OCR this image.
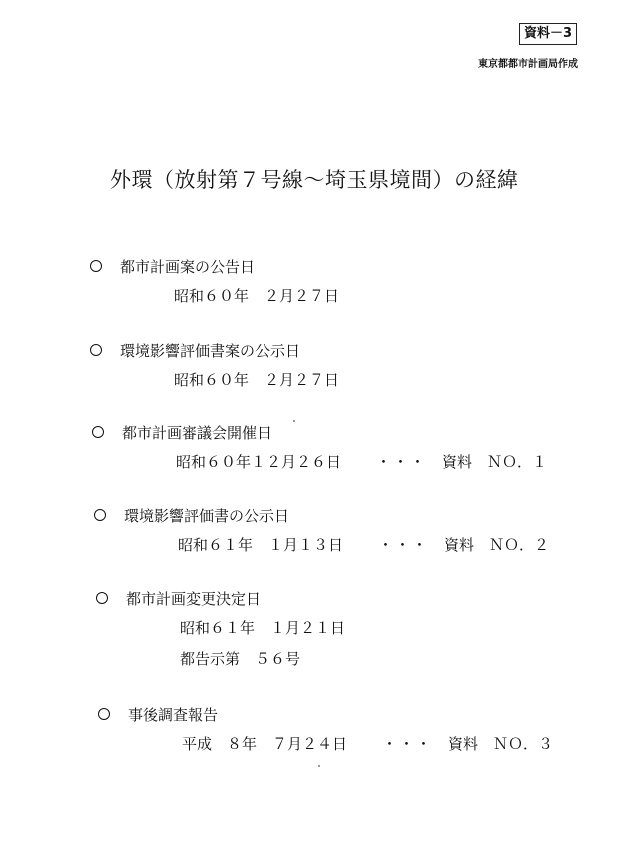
資料－3
東京都都市計画局作成
外環（放射第７号線～埼玉県境間）の経緯
都市計画案の公告日
昭和６０年　２月２７日
環境影響評価書案の公示日
昭和６０年　２月２７日
都市計画審議会開催日
昭和６０年１２月２６日 ・・・ 資料　ＮＯ．１
環境影響評価書の公示日
昭和６１年　１月１３日 ・・・ 資料　ＮＯ．２
都市計画変更決定日
昭和６１年　１月２１日
都告示第　５６号
事後調査報告
平成　８年　７月２４日 ・・・ 資料　ＮＯ．３
